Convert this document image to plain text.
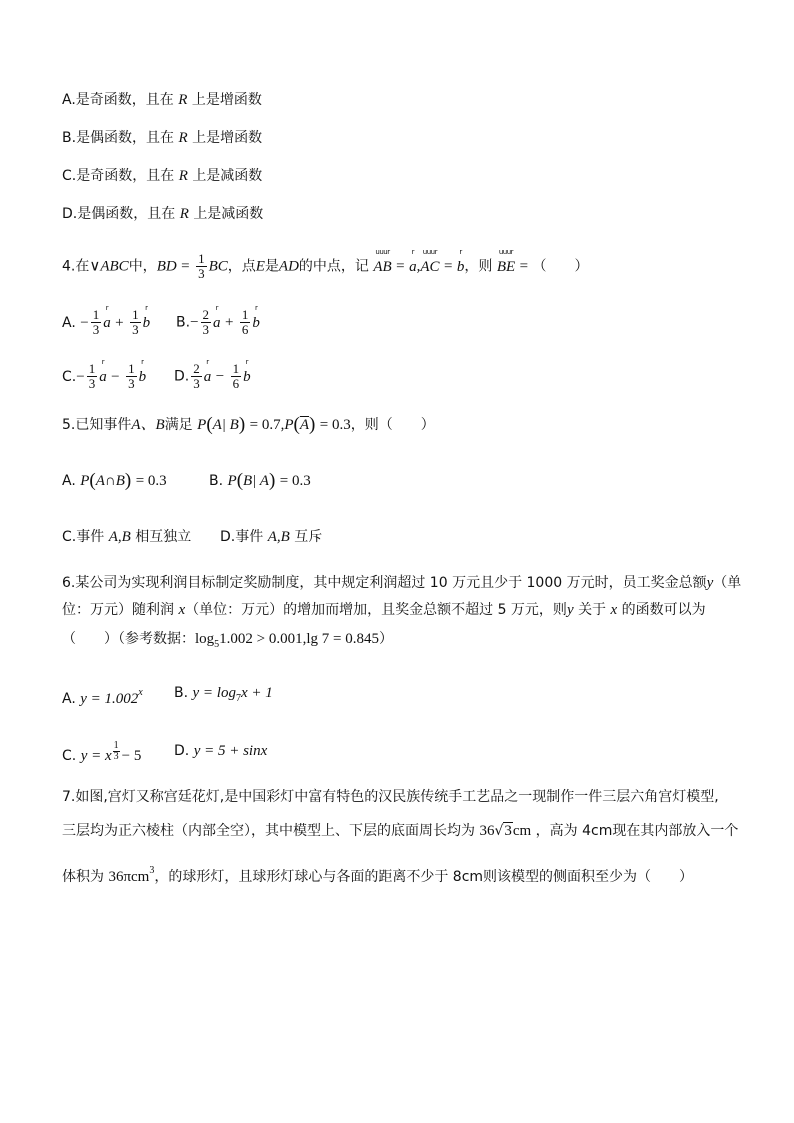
A.是奇函数，且在 R 上是增函数
B.是偶函数，且在 R 上是增函数
C.是奇函数，且在 R 上是减函数
D.是偶函数，且在 R 上是减函数
4.在∨ABC中，BD = $\frac{1}{3}$ BC，点E是AD的中点，记
uuur
AB =
r
a,
uuur
AC =
r
b，则
uuur
BE = （　　）
A. − $\frac{1}{3}$
r
$a + \frac{1}{3}$
r
b $B.- \frac{2}{3}$
r
$a + \frac{1}{6}$
r
b
$C.- \frac{1}{3}$
r
$a - \frac{1}{3}$
r
b D. $\frac{2}{3}$
r
$a - \frac{1}{6}$
r
b
5.已知事件A、B满足 P(A| $B) = 0.7,P(\overline{A}) = 0.3$，则（　　）
A. P(A∩B) = 0.3	B. P(B| A) = 0.3
C.事件 A,B 相互独立 D.事件 A,B 互斥
6.某公司为实现利润目标制定奖励制度，其中规定利润超过 10 万元且少于 1000 万元时，员工奖金总额y（单
位：万元）随利润 x（单位：万元）的增加而增加，且奖金总额不超过 5 万元，则y 关于 x 的函数可以为
（　　）（参考数据：$\log_51.002 > 0.001,\lg$ 7 = 0.845）
A. $y = 1.002^x$ B. $y = \log_7x + 1$
C. y = x $\frac{1}{3} - 5$ D. y = 5 + sinx
7.如图,宫灯又称宫廷花灯,是中国彩灯中富有特色的汉民族传统手工艺品之一现制作一件三层六角宫灯模型,
三层均为正六棱柱（内部全空），其中模型上、下层的底面周长均为 36√3cm ，高为 4cm现在其内部放入一个
体积为 36πcm$^3$，的球形灯，且球形灯球心与各面的距离不少于 8cm则该模型的侧面积至少为（　　）
